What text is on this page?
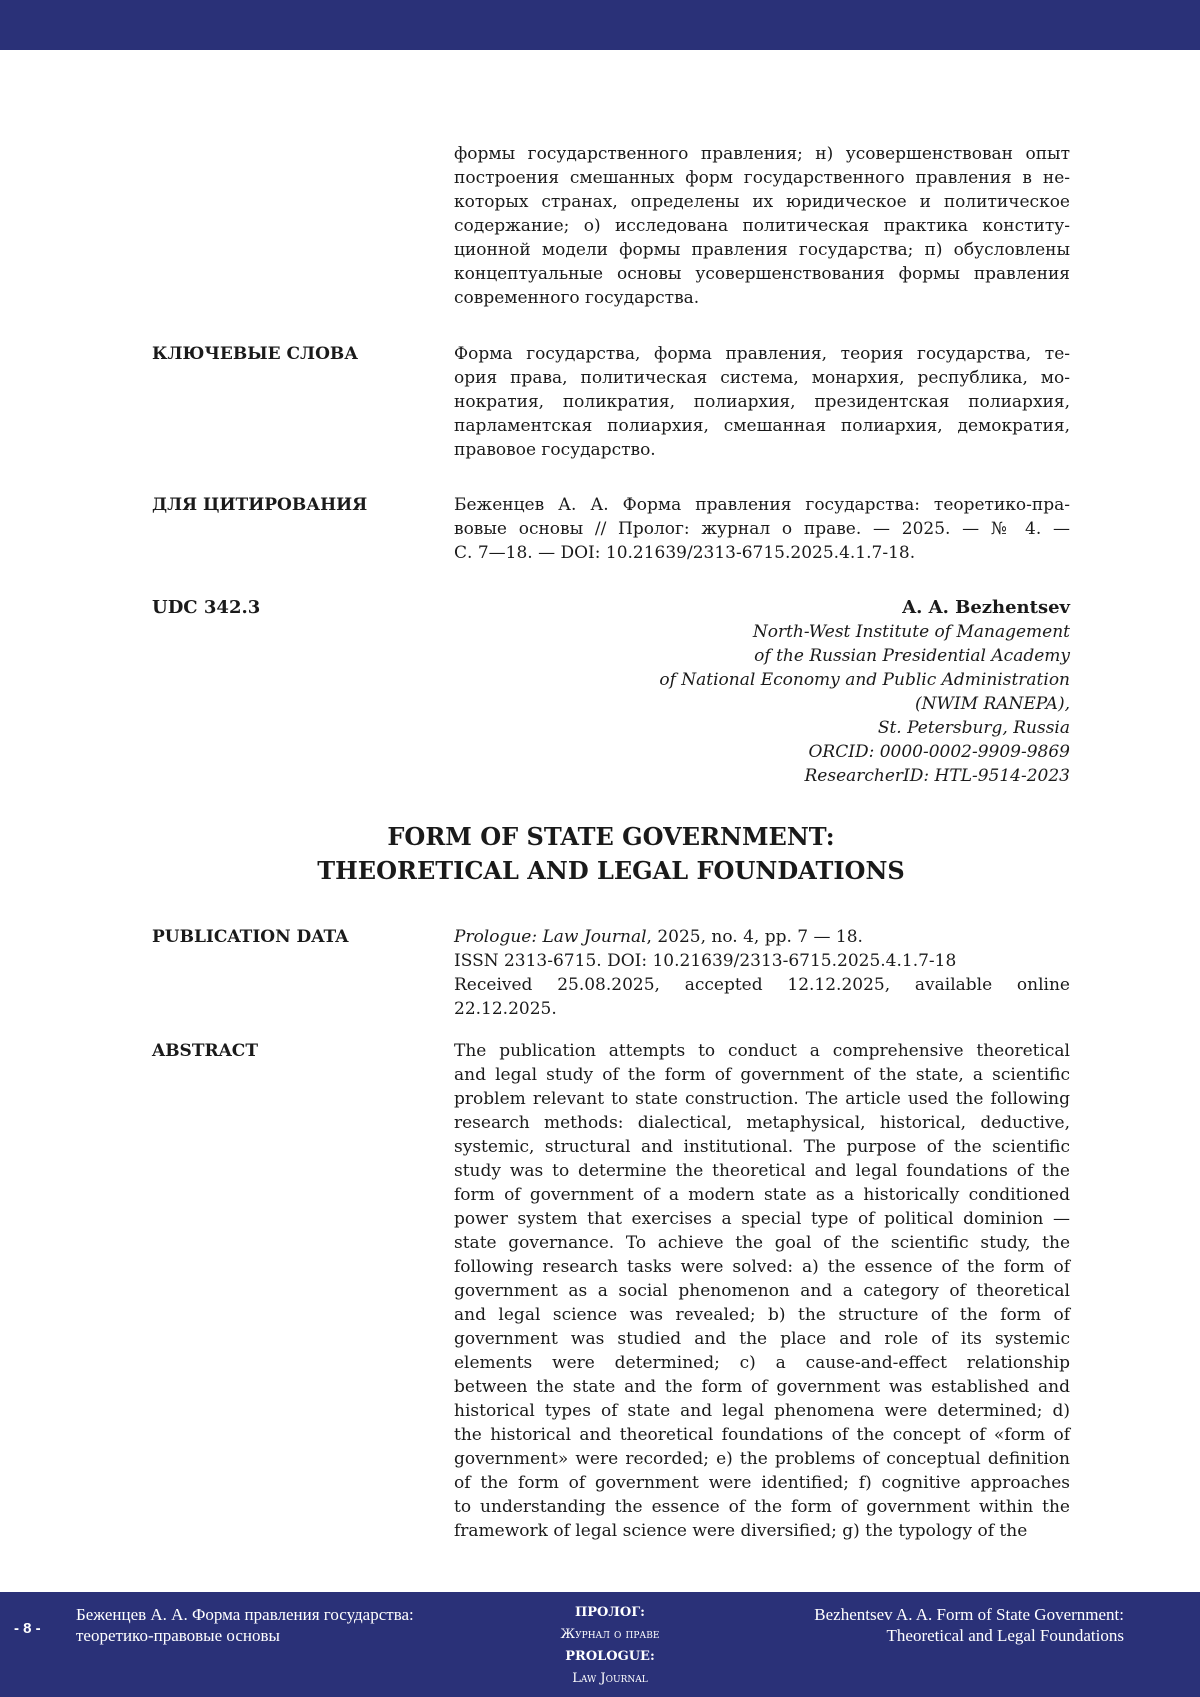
формы государственного правления; н) усовершенствован опыт
построения смешанных форм государственного правления в не-
которых странах, определены их юридическое и политическое
содержание; о) исследована политическая практика конститу-
ционной модели формы правления государства; п) обусловлены
концептуальные основы усовершенствования формы правления
современного государства.
КЛЮЧЕВЫЕ СЛОВА	Форма государства, форма правления, теория государства, те-
ория права, политическая система, монархия, республика, мо-
нократия, поликратия, полиархия, президентская полиархия,
парламентская полиархия, смешанная полиархия, демократия,
правовое государство.
ДЛЯ ЦИТИРОВАНИЯ	Беженцев А. А. Форма правления государства: теоретико-пра-
вовые основы // Пролог: журнал о праве. — 2025. — № 4. —
С. 7—18. — DOI: 10.21639/2313-6715.2025.4.1.7-18.
UDC 342.3	A. A. Bezhentsev
North-West Institute of Management
of the Russian Presidential Academy
of National Economy and Public Administration
(NWIM RANEPA),
St. Petersburg, Russia
ORCID: 0000-0002-9909-9869
ResearcherID: HTL-9514-2023
FORM OF STATE GOVERNMENT:
THEORETICAL AND LEGAL FOUNDATIONS
PUBLICATION DATA	Prologue: Law Journal, 2025, no. 4, pp. 7 — 18.
ISSN 2313-6715. DOI: 10.21639/2313-6715.2025.4.1.7-18
Received 25.08.2025, accepted 12.12.2025, available online
22.12.2025.
ABSTRACT	The publication attempts to conduct a comprehensive theoretical
and legal study of the form of government of the state, a scientific
problem relevant to state construction. The article used the following
research methods: dialectical, metaphysical, historical, deductive,
systemic, structural and institutional. The purpose of the scientific
study was to determine the theoretical and legal foundations of the
form of government of a modern state as a historically conditioned
power system that exercises a special type of political dominion —
state governance. To achieve the goal of the scientific study, the
following research tasks were solved: a) the essence of the form of
government as a social phenomenon and a category of theoretical
and legal science was revealed; b) the structure of the form of
government was studied and the place and role of its systemic
elements were determined; c) a cause-and-effect relationship
between the state and the form of government was established and
historical types of state and legal phenomena were determined; d)
the historical and theoretical foundations of the concept of «form of
government» were recorded; e) the problems of conceptual definition
of the form of government were identified; f) cognitive approaches
to understanding the essence of the form of government within the
framework of legal science were diversified; g) the typology of the
- 8 -
Беженцев А. А. Форма правления государства:
теоретико-правовые основы
ПРОЛОГ:
Журнал о праве
PROLOGUE:
Law Journal
Bezhentsev A. A. Form of State Government:
Theoretical and Legal Foundations
